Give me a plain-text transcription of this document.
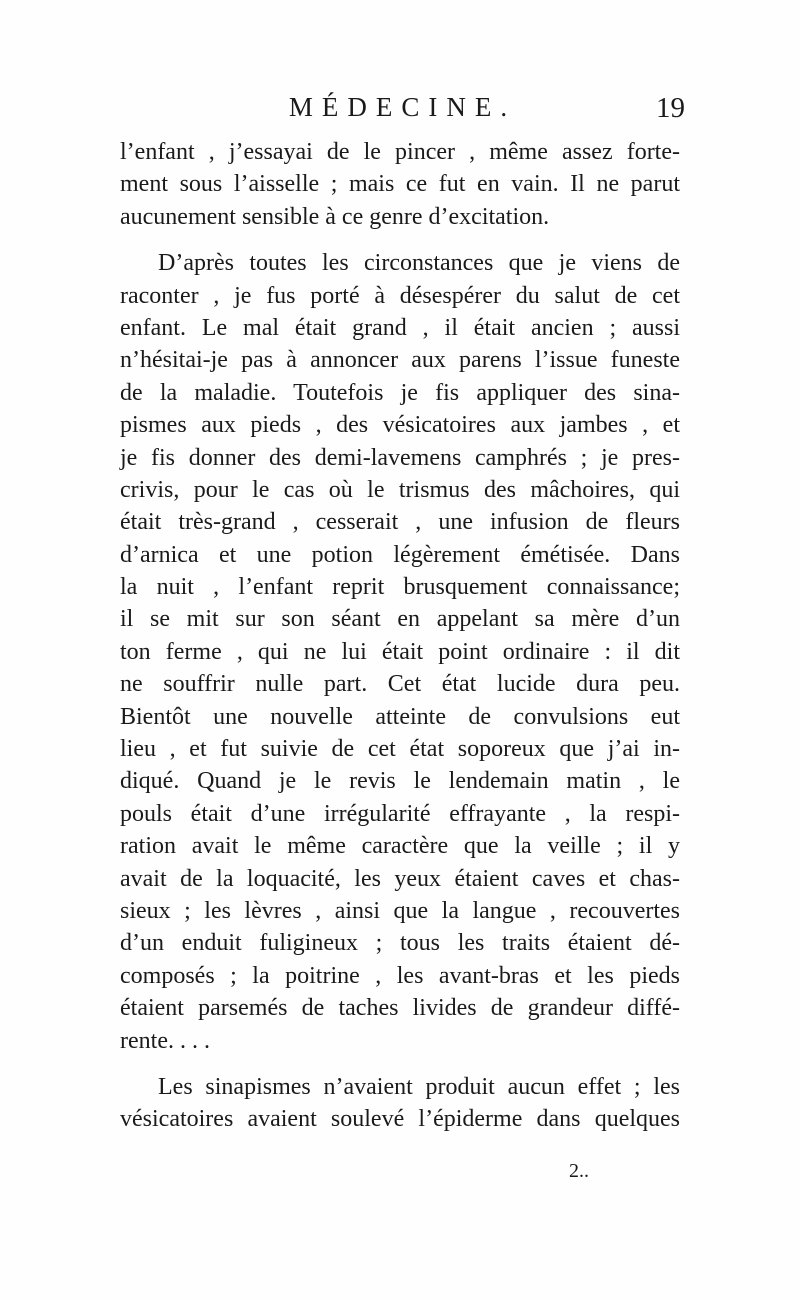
MÉDECINE.	19
l’enfant , j’essayai de le pincer , même assez forte-
ment sous l’aisselle ; mais ce fut en vain. Il ne parut
aucunement sensible à ce genre d’excitation.
D’après toutes les circonstances que je viens de
raconter , je fus porté à désespérer du salut de cet
enfant. Le mal était grand , il était ancien ; aussi
n’hésitai-je pas à annoncer aux parens l’issue funeste
de la maladie. Toutefois je fis appliquer des sina-
pismes aux pieds , des vésicatoires aux jambes , et
je fis donner des demi-lavemens camphrés ; je pres-
crivis, pour le cas où le trismus des mâchoires, qui
était très-grand , cesserait , une infusion de fleurs
d’arnica et une potion légèrement émétisée. Dans
la nuit , l’enfant reprit brusquement connaissance;
il se mit sur son séant en appelant sa mère d’un
ton ferme , qui ne lui était point ordinaire : il dit
ne souffrir nulle part. Cet état lucide dura peu.
Bientôt une nouvelle atteinte de convulsions eut
lieu , et fut suivie de cet état soporeux que j’ai in-
diqué. Quand je le revis le lendemain matin , le
pouls était d’une irrégularité effrayante , la respi-
ration avait le même caractère que la veille ; il y
avait de la loquacité, les yeux étaient caves et chas-
sieux ; les lèvres , ainsi que la langue , recouvertes
d’un enduit fuligineux ; tous les traits étaient dé-
composés ; la poitrine , les avant-bras et les pieds
étaient parsemés de taches livides de grandeur diffé-
rente. . . .
Les sinapismes n’avaient produit aucun effet ; les
vésicatoires avaient soulevé l’épiderme dans quelques
2..
